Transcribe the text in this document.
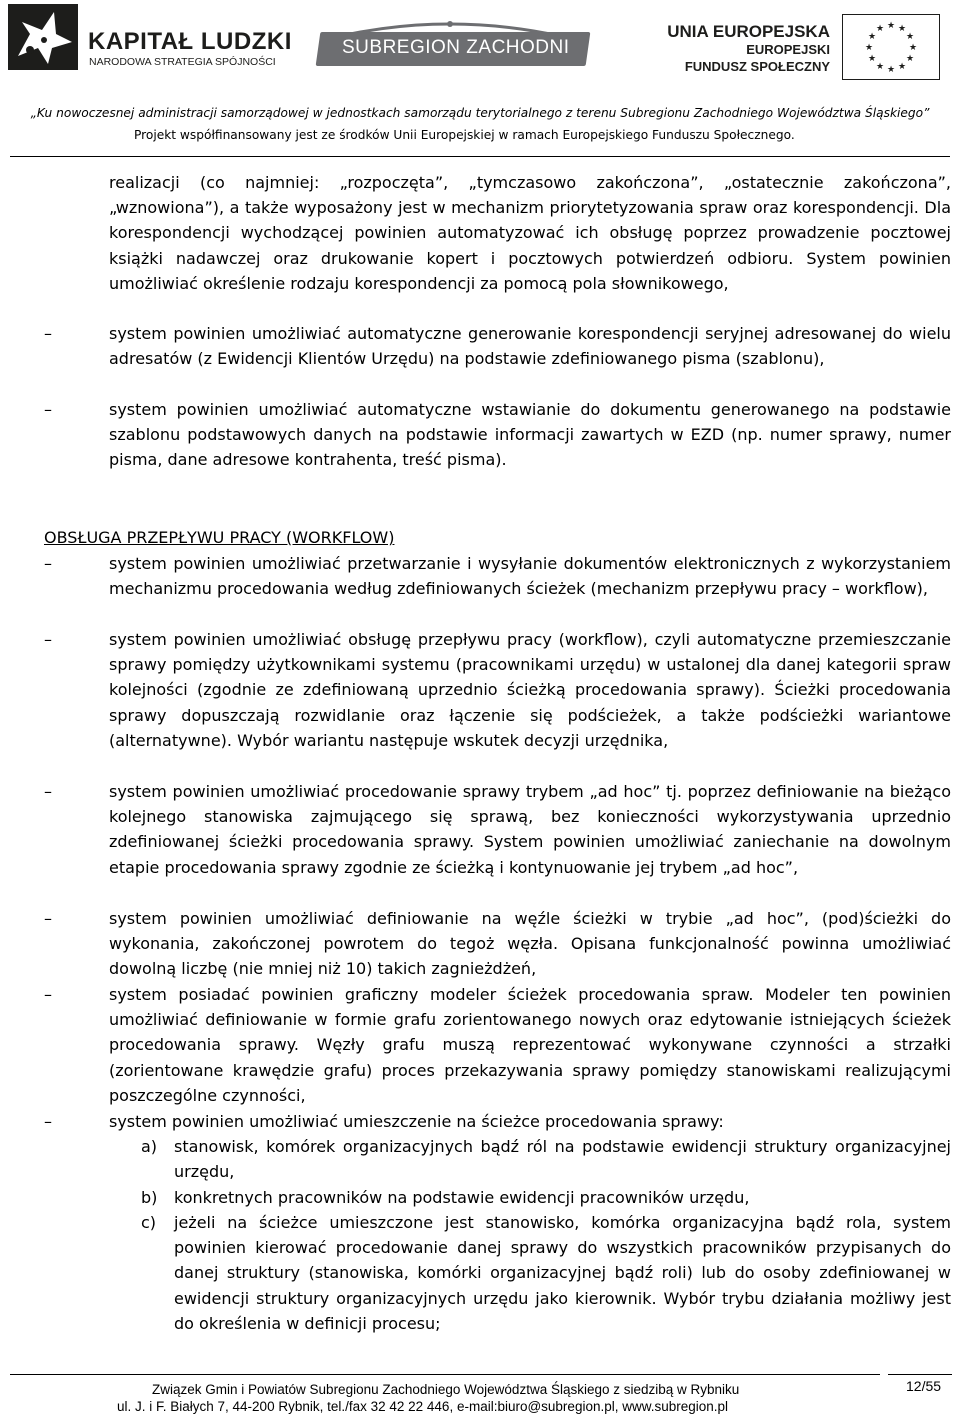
KAPITAŁ LUDZKI
NARODOWA STRATEGIA SPÓJNOŚCI
SUBREGION ZACHODNI
UNIA EUROPEJSKA
EUROPEJSKI
FUNDUSZ SPOŁECZNY
★ ★
★
★
★
★
★
★
★
★
★
★
„Ku nowoczesnej administracji samorządowej w jednostkach samorządu terytorialnego z terenu Subregionu Zachodniego Województwa Śląskiego”
Projekt współfinansowany jest ze środków Unii Europejskiej w ramach Europejskiego Funduszu Społecznego.
realizacji (co najmniej: „rozpoczęta”, „tymczasowo zakończona”, „ostatecznie zakończona”, „wznowiona”), a także wyposażony jest w mechanizm priorytetyzowania spraw oraz korespondencji. Dla korespondencji wychodzącej powinien automatyzować ich obsługę poprzez prowadzenie pocztowej książki nadawczej oraz drukowanie kopert i pocztowych potwierdzeń odbioru. System powinien umożliwiać określenie rodzaju korespondencji za pomocą pola słownikowego,
–	system powinien umożliwiać automatyczne generowanie korespondencji seryjnej adresowanej do wielu adresatów (z Ewidencji Klientów Urzędu) na podstawie zdefiniowanego pisma (szablonu),
–	system powinien umożliwiać automatyczne wstawianie do dokumentu generowanego na podstawie szablonu podstawowych danych na podstawie informacji zawartych w EZD (np. numer sprawy, numer pisma, dane adresowe kontrahenta, treść pisma).
OBSŁUGA PRZEPŁYWU PRACY (WORKFLOW)
–	system powinien umożliwiać przetwarzanie i wysyłanie dokumentów elektronicznych z wykorzystaniem mechanizmu procedowania według zdefiniowanych ścieżek (mechanizm przepływu pracy – workflow),
–	system powinien umożliwiać obsługę przepływu pracy (workflow), czyli automatyczne przemieszczanie sprawy pomiędzy użytkownikami systemu (pracownikami urzędu) w ustalonej dla danej kategorii spraw kolejności (zgodnie ze zdefiniowaną uprzednio ścieżką procedowania sprawy). Ścieżki procedowania sprawy dopuszczają rozwidlanie oraz łączenie się podścieżek, a także podścieżki wariantowe (alternatywne). Wybór wariantu następuje wskutek decyzji urzędnika,
–	system powinien umożliwiać procedowanie sprawy trybem „ad hoc” tj. poprzez definiowanie na bieżąco kolejnego stanowiska zajmującego się sprawą, bez konieczności wykorzystywania uprzednio zdefiniowanej ścieżki procedowania sprawy. System powinien umożliwiać zaniechanie na dowolnym etapie procedowania sprawy zgodnie ze ścieżką i kontynuowanie jej trybem „ad hoc”,
–	system powinien umożliwiać definiowanie na węźle ścieżki w trybie „ad hoc”, (pod)ścieżki do wykonania, zakończonej powrotem do tegoż węzła. Opisana funkcjonalność powinna umożliwiać dowolną liczbę (nie mniej niż 10) takich zagnieżdżeń,
–	system posiadać powinien graficzny modeler ścieżek procedowania spraw. Modeler ten powinien umożliwiać definiowanie w formie grafu zorientowanego nowych oraz edytowanie istniejących ścieżek procedowania sprawy. Węzły grafu muszą reprezentować wykonywane czynności a strzałki (zorientowane krawędzie grafu) proces przekazywania sprawy pomiędzy stanowiskami realizującymi poszczególne czynności,
–	system powinien umożliwiać umieszczenie na ścieżce procedowania sprawy:
a)	stanowisk, komórek organizacyjnych bądź ról na podstawie ewidencji struktury organizacyjnej urzędu,
b)	konkretnych pracowników na podstawie ewidencji pracowników urzędu,
c)	jeżeli na ścieżce umieszczone jest stanowisko, komórka organizacyjna bądź rola, system powinien kierować procedowanie danej sprawy do wszystkich pracowników przypisanych do danej struktury (stanowiska, komórki organizacyjnej bądź roli) lub do osoby zdefiniowanej w ewidencji struktury organizacyjnych urzędu jako kierownik. Wybór trybu działania możliwy jest do określenia w definicji procesu;
Związek Gmin i Powiatów Subregionu Zachodniego Województwa Śląskiego z siedzibą w Rybniku
ul. J. i F. Białych 7, 44-200 Rybnik, tel./fax 32 42 22 446, e-mail:biuro@subregion.pl, www.subregion.pl
12/55
